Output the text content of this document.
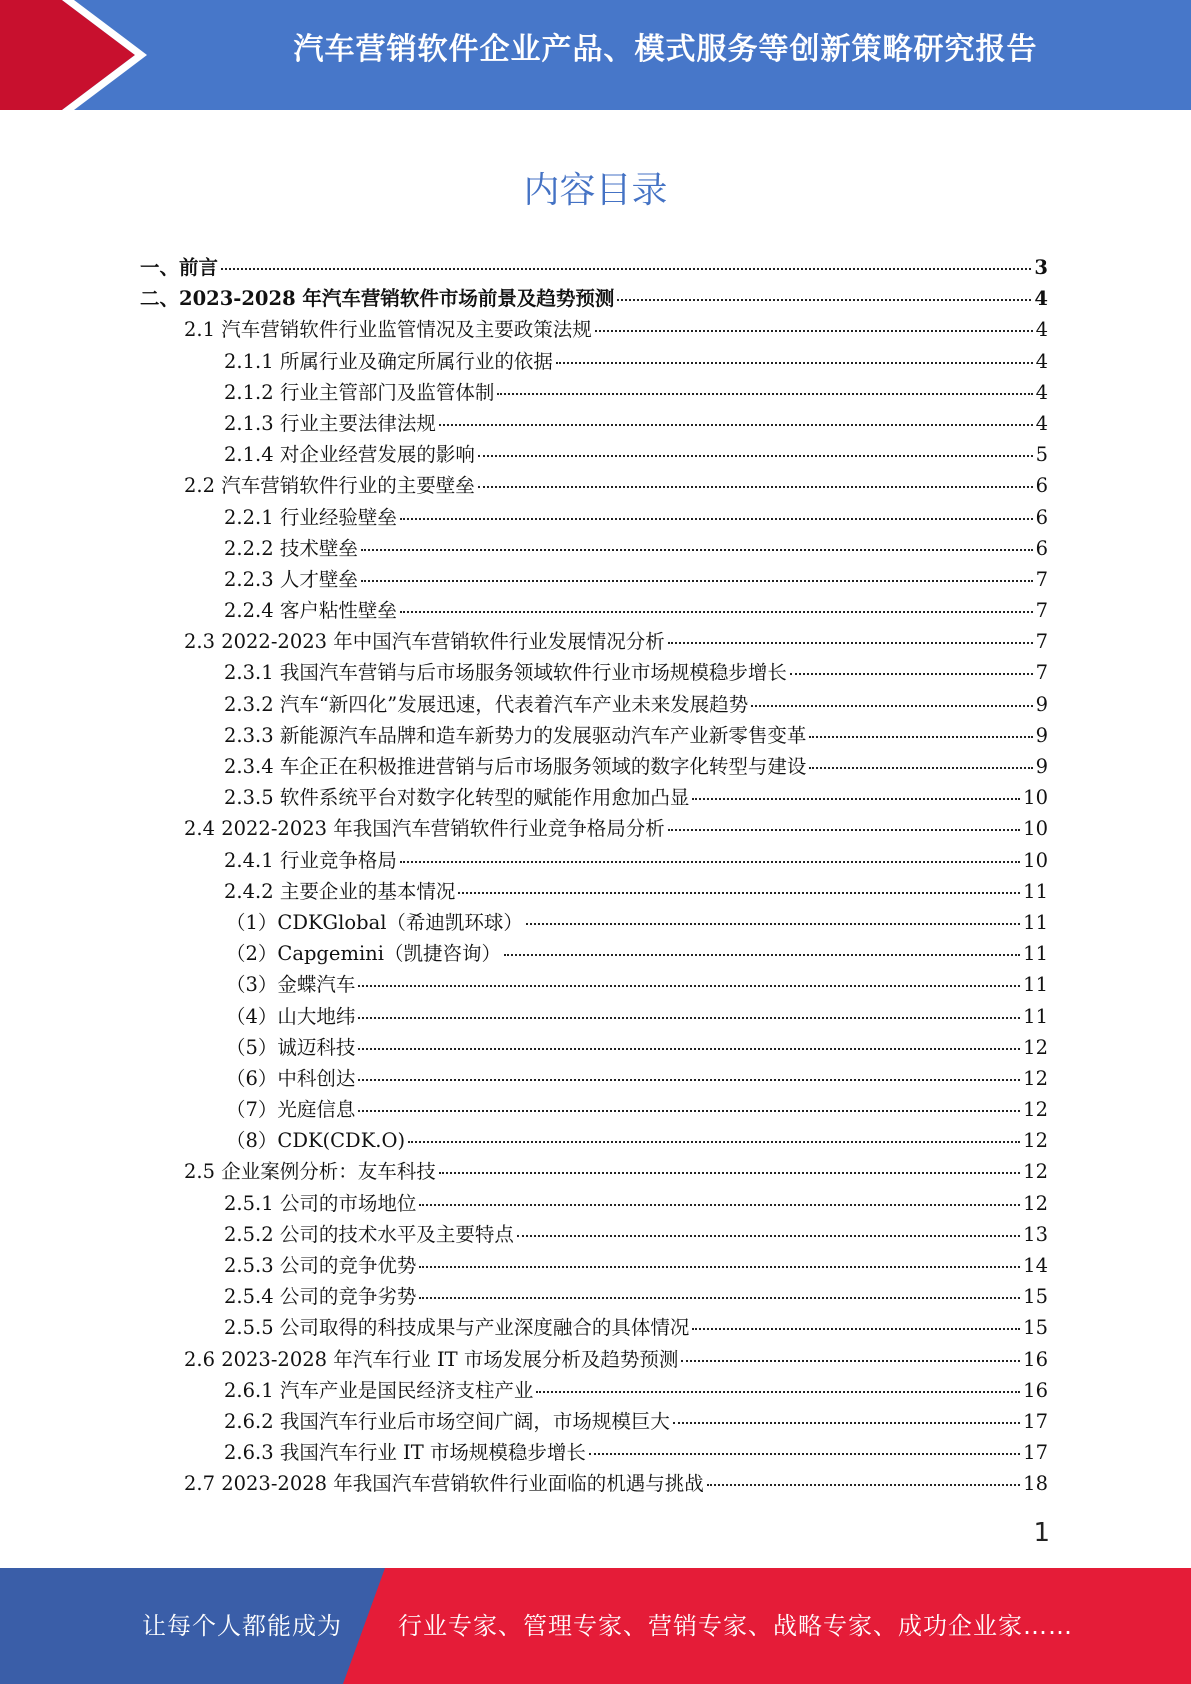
汽车营销软件企业产品、模式服务等创新策略研究报告
内容目录
一、前言	3
二、2023-2028 年汽车营销软件市场前景及趋势预测	4
2.1 汽车营销软件行业监管情况及主要政策法规	4
2.1.1 所属行业及确定所属行业的依据	4
2.1.2 行业主管部门及监管体制	4
2.1.3 行业主要法律法规	4
2.1.4 对企业经营发展的影响	5
2.2 汽车营销软件行业的主要壁垒	6
2.2.1 行业经验壁垒	6
2.2.2 技术壁垒	6
2.2.3 人才壁垒	7
2.2.4 客户粘性壁垒	7
2.3 2022-2023 年中国汽车营销软件行业发展情况分析	7
2.3.1 我国汽车营销与后市场服务领域软件行业市场规模稳步增长	7
2.3.2 汽车“新四化”发展迅速，代表着汽车产业未来发展趋势	9
2.3.3 新能源汽车品牌和造车新势力的发展驱动汽车产业新零售变革	9
2.3.4 车企正在积极推进营销与后市场服务领域的数字化转型与建设	9
2.3.5 软件系统平台对数字化转型的赋能作用愈加凸显	10
2.4 2022-2023 年我国汽车营销软件行业竞争格局分析	10
2.4.1 行业竞争格局	10
2.4.2 主要企业的基本情况	11
（1）CDKGlobal（希迪凯环球）	11
（2）Capgemini（凯捷咨询）	11
（3）金蝶汽车	11
（4）山大地纬	11
（5）诚迈科技	12
（6）中科创达	12
（7）光庭信息	12
（8）CDK(CDK.O)	12
2.5 企业案例分析：友车科技	12
2.5.1 公司的市场地位	12
2.5.2 公司的技术水平及主要特点	13
2.5.3 公司的竞争优势	14
2.5.4 公司的竞争劣势	15
2.5.5 公司取得的科技成果与产业深度融合的具体情况	15
2.6 2023-2028 年汽车行业 IT 市场发展分析及趋势预测	16
2.6.1 汽车产业是国民经济支柱产业	16
2.6.2 我国汽车行业后市场空间广阔，市场规模巨大	17
2.6.3 我国汽车行业 IT 市场规模稳步增长	17
2.7 2023-2028 年我国汽车营销软件行业面临的机遇与挑战	18
1
让每个人都能成为 行业专家、管理专家、营销专家、战略专家、成功企业家……
